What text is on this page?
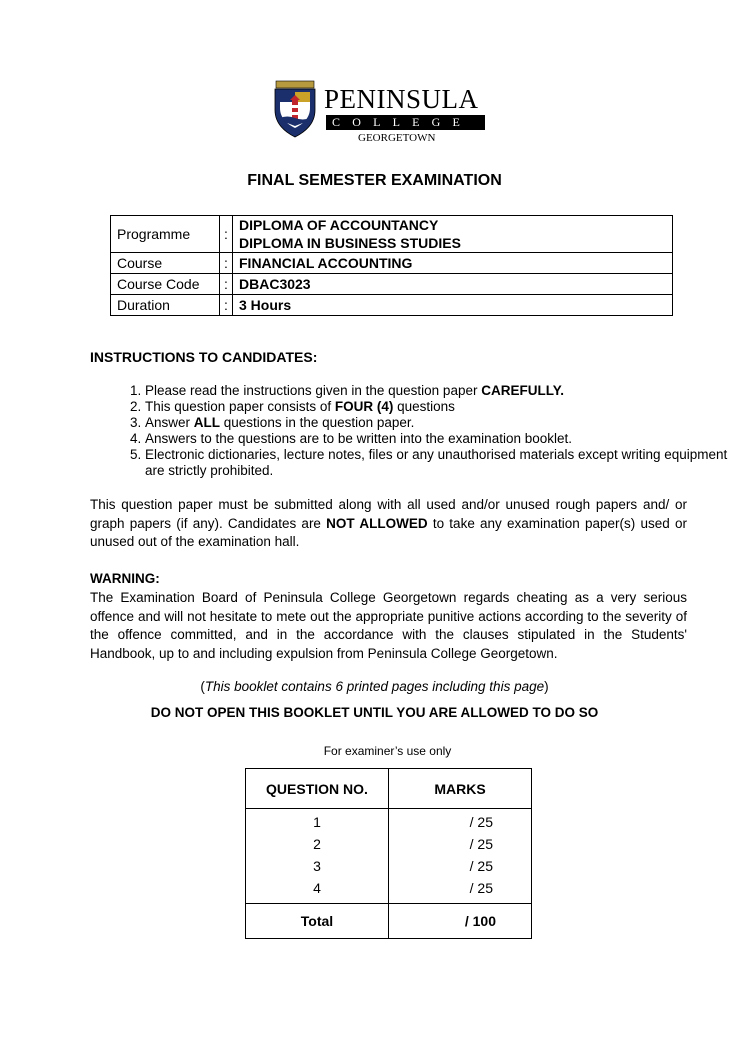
PENINSULA
COLLEGE
GEORGETOWN
FINAL SEMESTER EXAMINATION
Programme	:	DIPLOMA OF ACCOUNTANCY
DIPLOMA IN BUSINESS STUDIES

Course	:	FINANCIAL ACCOUNTING
Course Code	:	DBAC3023
Duration	:	3 Hours
INSTRUCTIONS TO CANDIDATES:
1. Please read the instructions given in the question paper CAREFULLY.
2. This question paper consists of FOUR (4) questions
3. Answer ALL questions in the question paper.
4. Answers to the questions are to be written into the examination booklet.
5. Electronic dictionaries, lecture notes, files or any unauthorised materials except writing equipment are strictly prohibited.
This question paper must be submitted along with all used and/or unused rough papers and/ or graph papers (if any). Candidates are NOT ALLOWED to take any examination paper(s) used or unused out of the examination hall.
WARNING:
The Examination Board of Peninsula College Georgetown regards cheating as a very serious offence and will not hesitate to mete out the appropriate punitive actions according to the severity of the offence committed, and in the accordance with the clauses stipulated in the Students' Handbook, up to and including expulsion from Peninsula College Georgetown.
(This booklet contains 6 printed pages including this page)
DO NOT OPEN THIS BOOKLET UNTIL YOU ARE ALLOWED TO DO SO
For examiner’s use only
QUESTION NO.	MARKS
1	/ 25
2	/ 25
3	/ 25
4	/ 25
Total	/ 100
